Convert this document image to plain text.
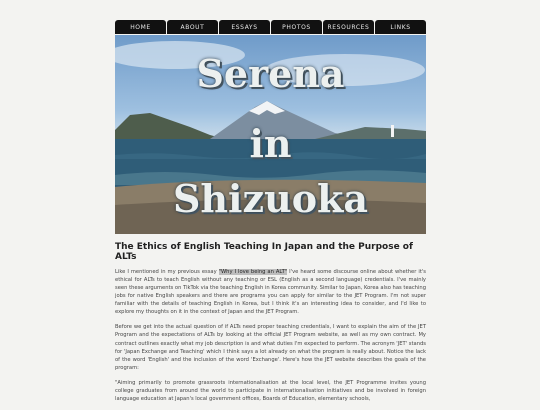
HOME	ABOUT	ESSAYS	PHOTOS	RESOURCES	LINKS
Serena
in
Shizuoka
The Ethics of English Teaching In Japan and the Purpose of ALTs

Like I mentioned in my previous essay "Why I love being an ALT" I've heard some discourse online about whether it's ethical for ALTs to teach English without any teaching or ESL (English as a second language) credentials. I've mainly seen these arguments on TikTok via the teaching English in Korea community. Similar to Japan, Korea also has teaching jobs for native English speakers and there are programs you can apply for similar to the JET Program. I'm not super familiar with the details of teaching English in Korea, but I think it's an interesting idea to consider, and I'd like to explore my thoughts on it in the context of Japan and the JET Program.

Before we get into the actual question of if ALTs need proper teaching credentials, I want to explain the aim of the JET Program and the expectations of ALTs by looking at the official JET Program website, as well as my own contract. My contract outlines exactly what my job description is and what duties I'm expected to perform. The acronym 'JET' stands for 'Japan Exchange and Teaching' which I think says a lot already on what the program is really about. Notice the lack of the word 'English' and the inclusion of the word 'Exchange'. Here's how the JET website describes the goals of the program:

"Aiming primarily to promote grassroots internationalisation at the local level, the JET Programme invites young college graduates from around the world to participate in internationalisation initiatives and be involved in foreign language education at Japan's local government offices, Boards of Education, elementary schools,
